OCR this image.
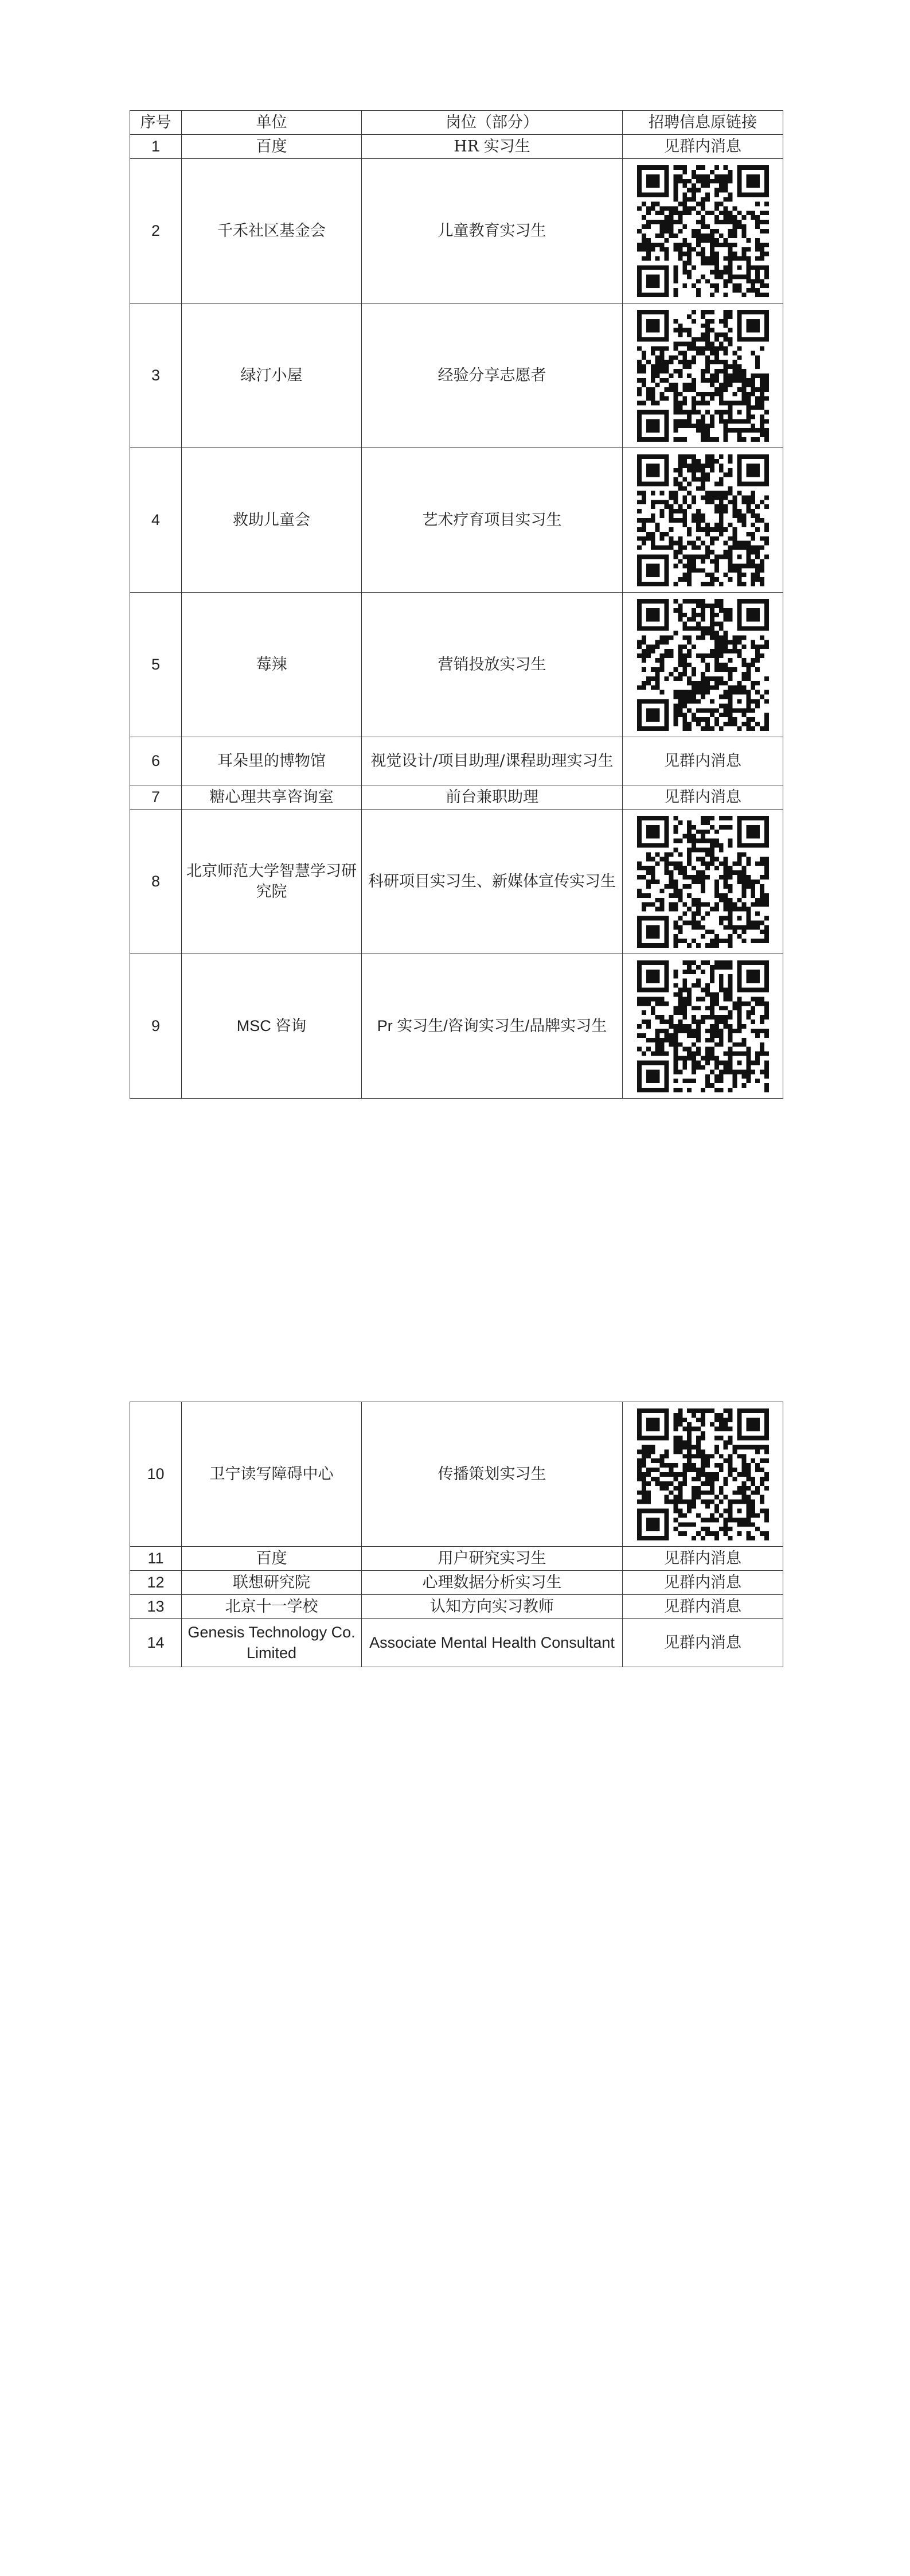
序号	单位	岗位（部分）	招聘信息原链接
1	百度	HR 实习生	见群内消息
2	千禾社区基金会	儿童教育实习生	

3	绿汀小屋	经验分享志愿者	

4	救助儿童会	艺术疗育项目实习生	

5	莓辣	营销投放实习生	

6	耳朵里的博物馆	视觉设计/项目助理/课程助理实习生	见群内消息
7	糖心理共享咨询室	前台兼职助理	见群内消息
8	北京师范大学智慧学习研究院	科研项目实习生、新媒体宣传实习生	

9	MSC 咨询	Pr 实习生/咨询实习生/品牌实习生	
10	卫宁读写障碍中心	传播策划实习生	

11	百度	用户研究实习生	见群内消息
12	联想研究院	心理数据分析实习生	见群内消息
13	北京十一学校	认知方向实习教师	见群内消息
14	Genesis Technology Co. Limited	Associate Mental Health Consultant	见群内消息
